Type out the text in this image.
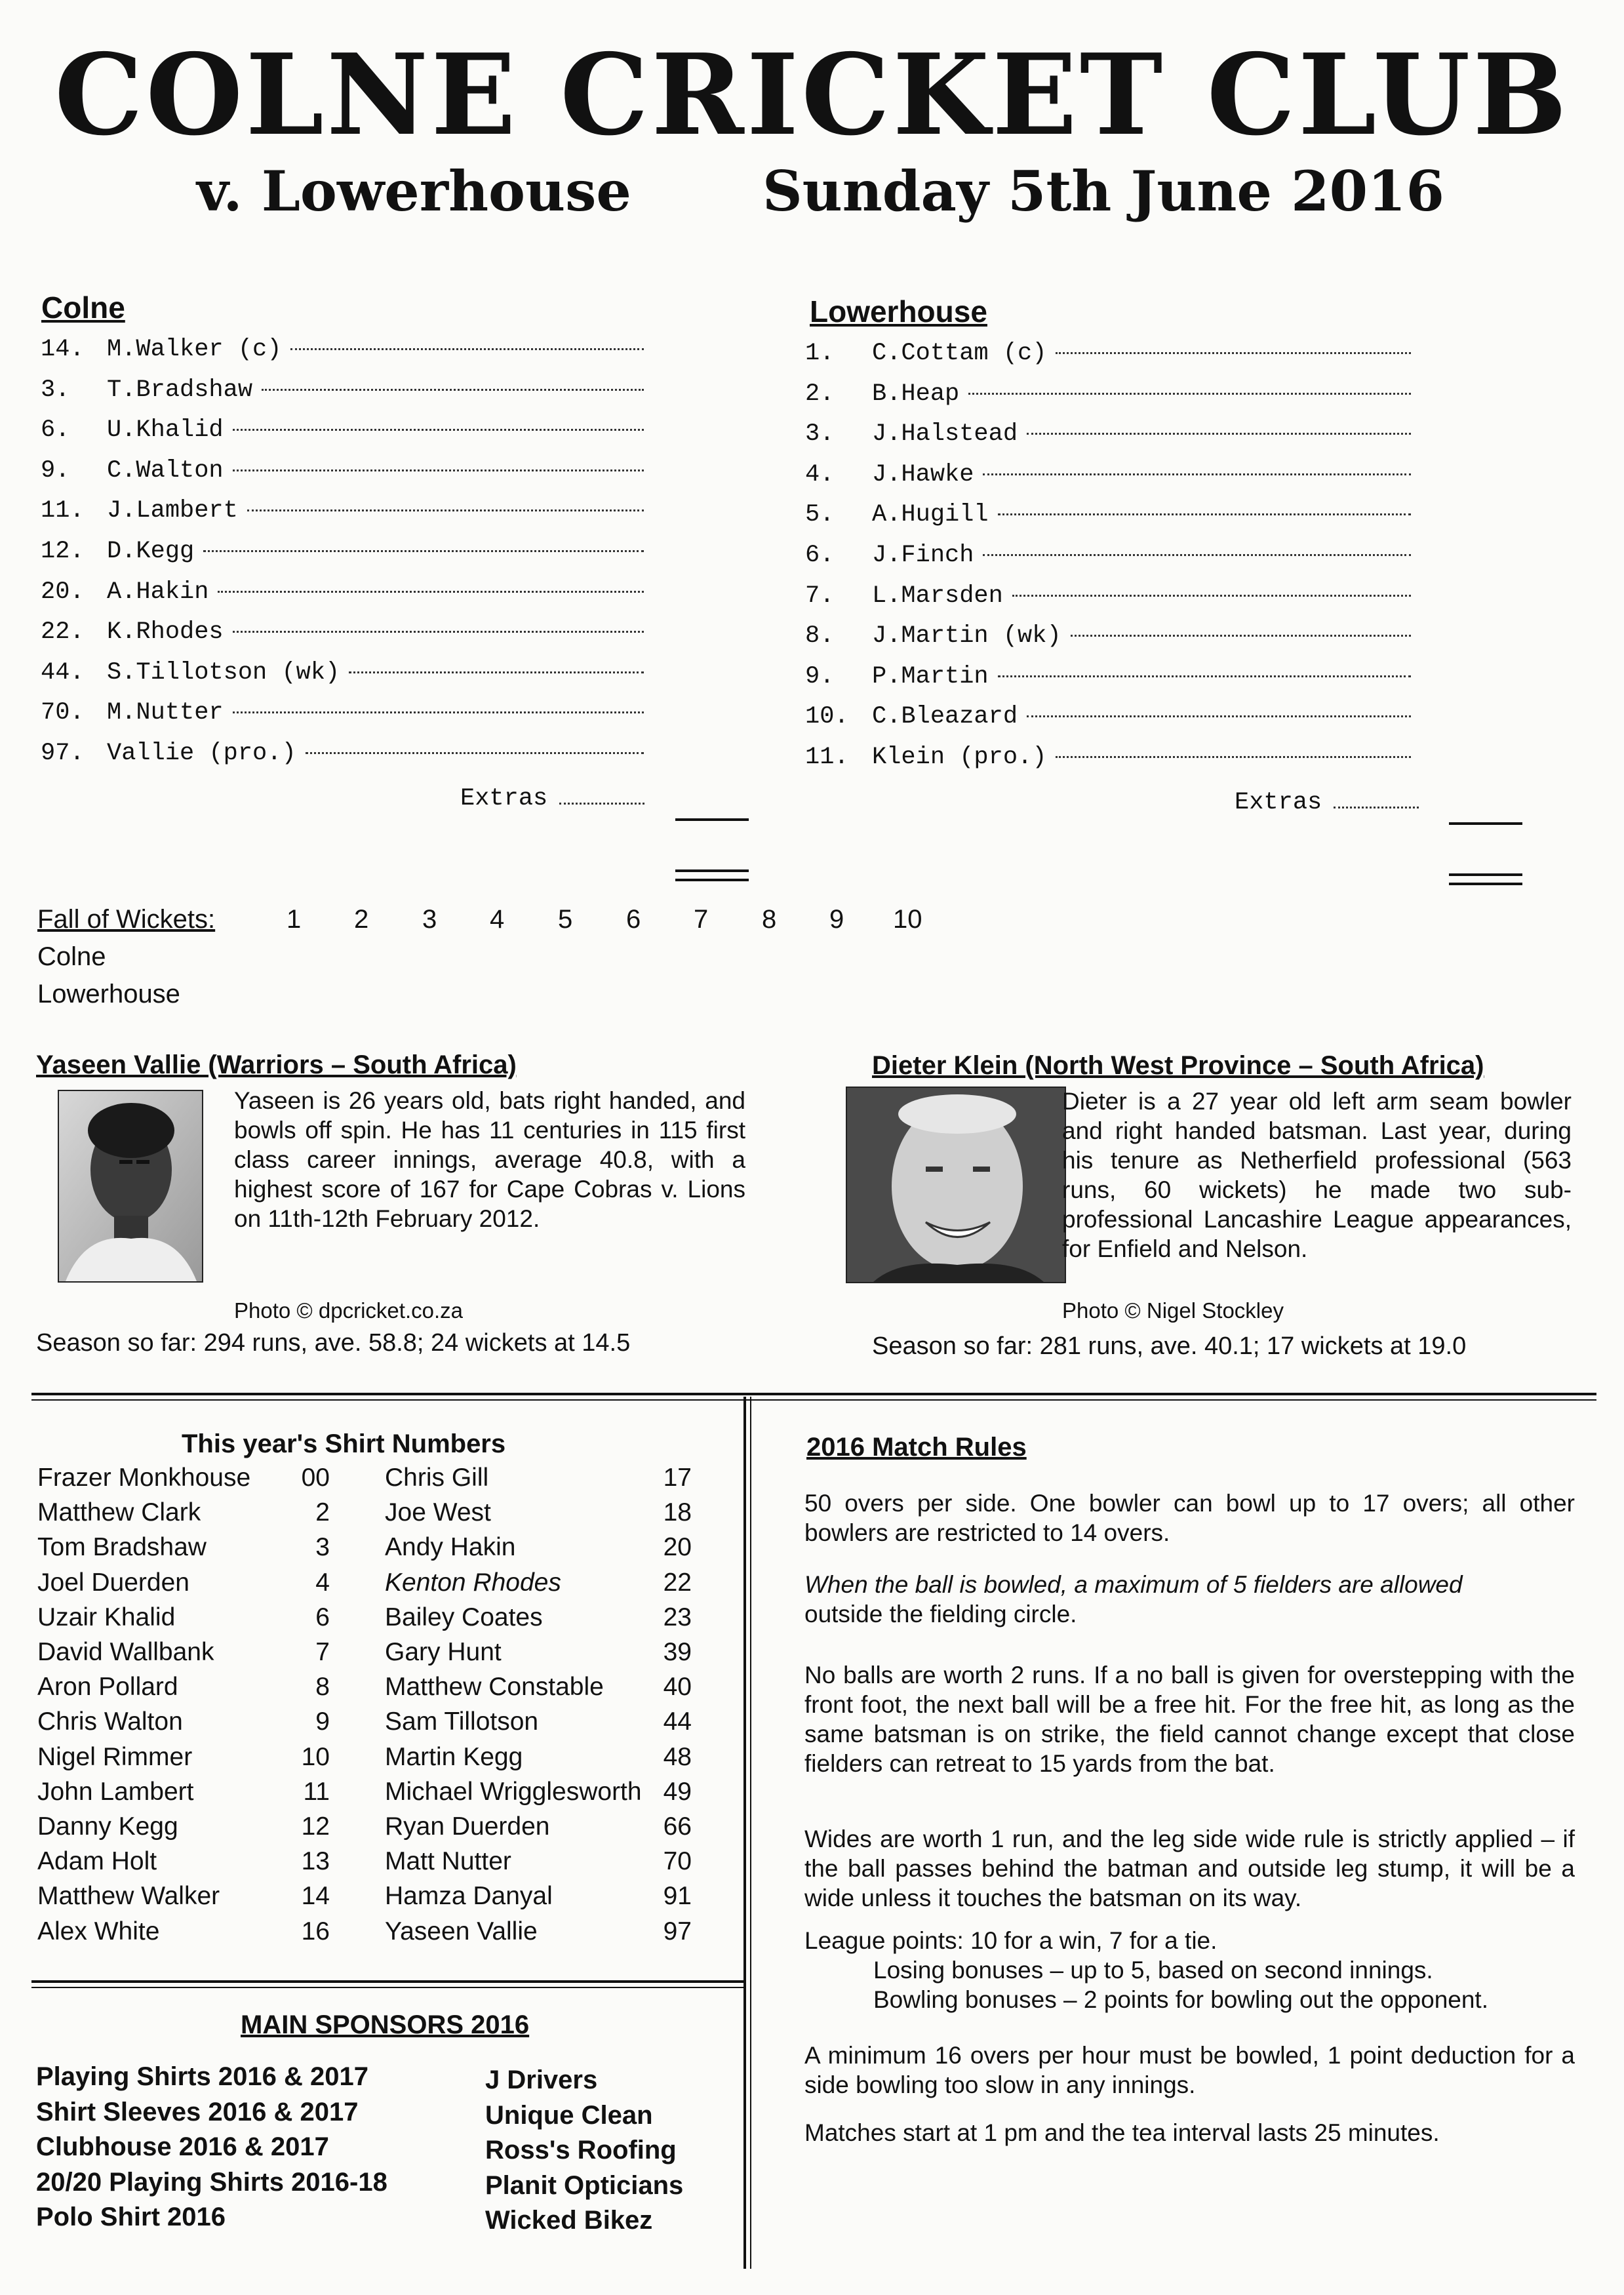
COLNE CRICKET CLUB
v. Lowerhouse Sunday 5th June 2016
Colne
14. M.Walker (c)
3.	T.Bradshaw
6.	U.Khalid
9.	C.Walton
11. J.Lambert
12. D.Kegg
20. A.Hakin
22. K.Rhodes
44. S.Tillotson (wk)
70. M.Nutter
97. Vallie (pro.)
Extras
Lowerhouse
1.	C.Cottam (c)
2.	B.Heap
3.	J.Halstead
4.	J.Hawke
5.	A.Hugill
6.	J.Finch
7.	L.Marsden
8.	J.Martin (wk)
9.	P.Martin
10. C.Bleazard
11. Klein (pro.)
Extras
Fall of Wickets:	1 2 3 4 5 6 7 8 9 10
Colne
Lowerhouse
Yaseen Vallie (Warriors – South Africa)
Yaseen is 26 years old, bats right handed, and bowls off spin. He has 11 centuries in 115 first class career innings, average 40.8, with a highest score of 167 for Cape Cobras v. Lions on 11th-12th February 2012.
Photo © dpcricket.co.za
Season so far: 294 runs, ave. 58.8; 24 wickets at 14.5
Dieter Klein (North West Province – South Africa)
Dieter is a 27 year old left arm seam bowler and right handed batsman. Last year, during his tenure as Netherfield professional (563 runs, 60 wickets) he made two sub-professional Lancashire League appearances, for Enfield and Nelson.
Photo © Nigel Stockley
Season so far: 281 runs, ave. 40.1; 17 wickets at 19.0
This year's Shirt Numbers
Frazer Monkhouse	00
Matthew Clark	2
Tom Bradshaw	3
Joel Duerden	4
Uzair Khalid	6
David Wallbank	7
Aron Pollard	8
Chris Walton	9
Nigel Rimmer	10
John Lambert	11
Danny Kegg	12
Adam Holt	13
Matthew Walker	14
Alex White	16
Chris Gill	17
Joe West	18
Andy Hakin	20
Kenton Rhodes	22
Bailey Coates	23
Gary Hunt	39
Matthew Constable 40
Sam Tillotson	44
Martin Kegg	48
Michael Wrigglesworth 49
Ryan Duerden	66
Matt Nutter	70
Hamza Danyal	91
Yaseen Vallie	97
MAIN SPONSORS 2016
Playing Shirts 2016 & 2017	J Drivers
Shirt Sleeves 2016 & 2017	Unique Clean
Clubhouse 2016 & 2017	Ross's Roofing
20/20 Playing Shirts 2016-18	Planit Opticians
Polo Shirt 2016	Wicked Bikez
2016 Match Rules

50 overs per side. One bowler can bowl up to 17 overs; all other bowlers are restricted to 14 overs.

When the ball is bowled, a maximum of 5 fielders are allowed
outside the fielding circle.

No balls are worth 2 runs. If a no ball is given for overstepping with the front foot, the next ball will be a free hit. For the free hit, as long as the same batsman is on strike, the field cannot change except that close fielders can retreat to 15 yards from the bat.

Wides are worth 1 run, and the leg side wide rule is strictly applied – if the ball passes behind the batman and outside leg stump, it will be a wide unless it touches the batsman on its way.

League points: 10 for a win, 7 for a tie.
Losing bonuses – up to 5, based on second innings.
Bowling bonuses – 2 points for bowling out the opponent.

A minimum 16 overs per hour must be bowled, 1 point deduction for a side bowling too slow in any innings.

Matches start at 1 pm and the tea interval lasts 25 minutes.
